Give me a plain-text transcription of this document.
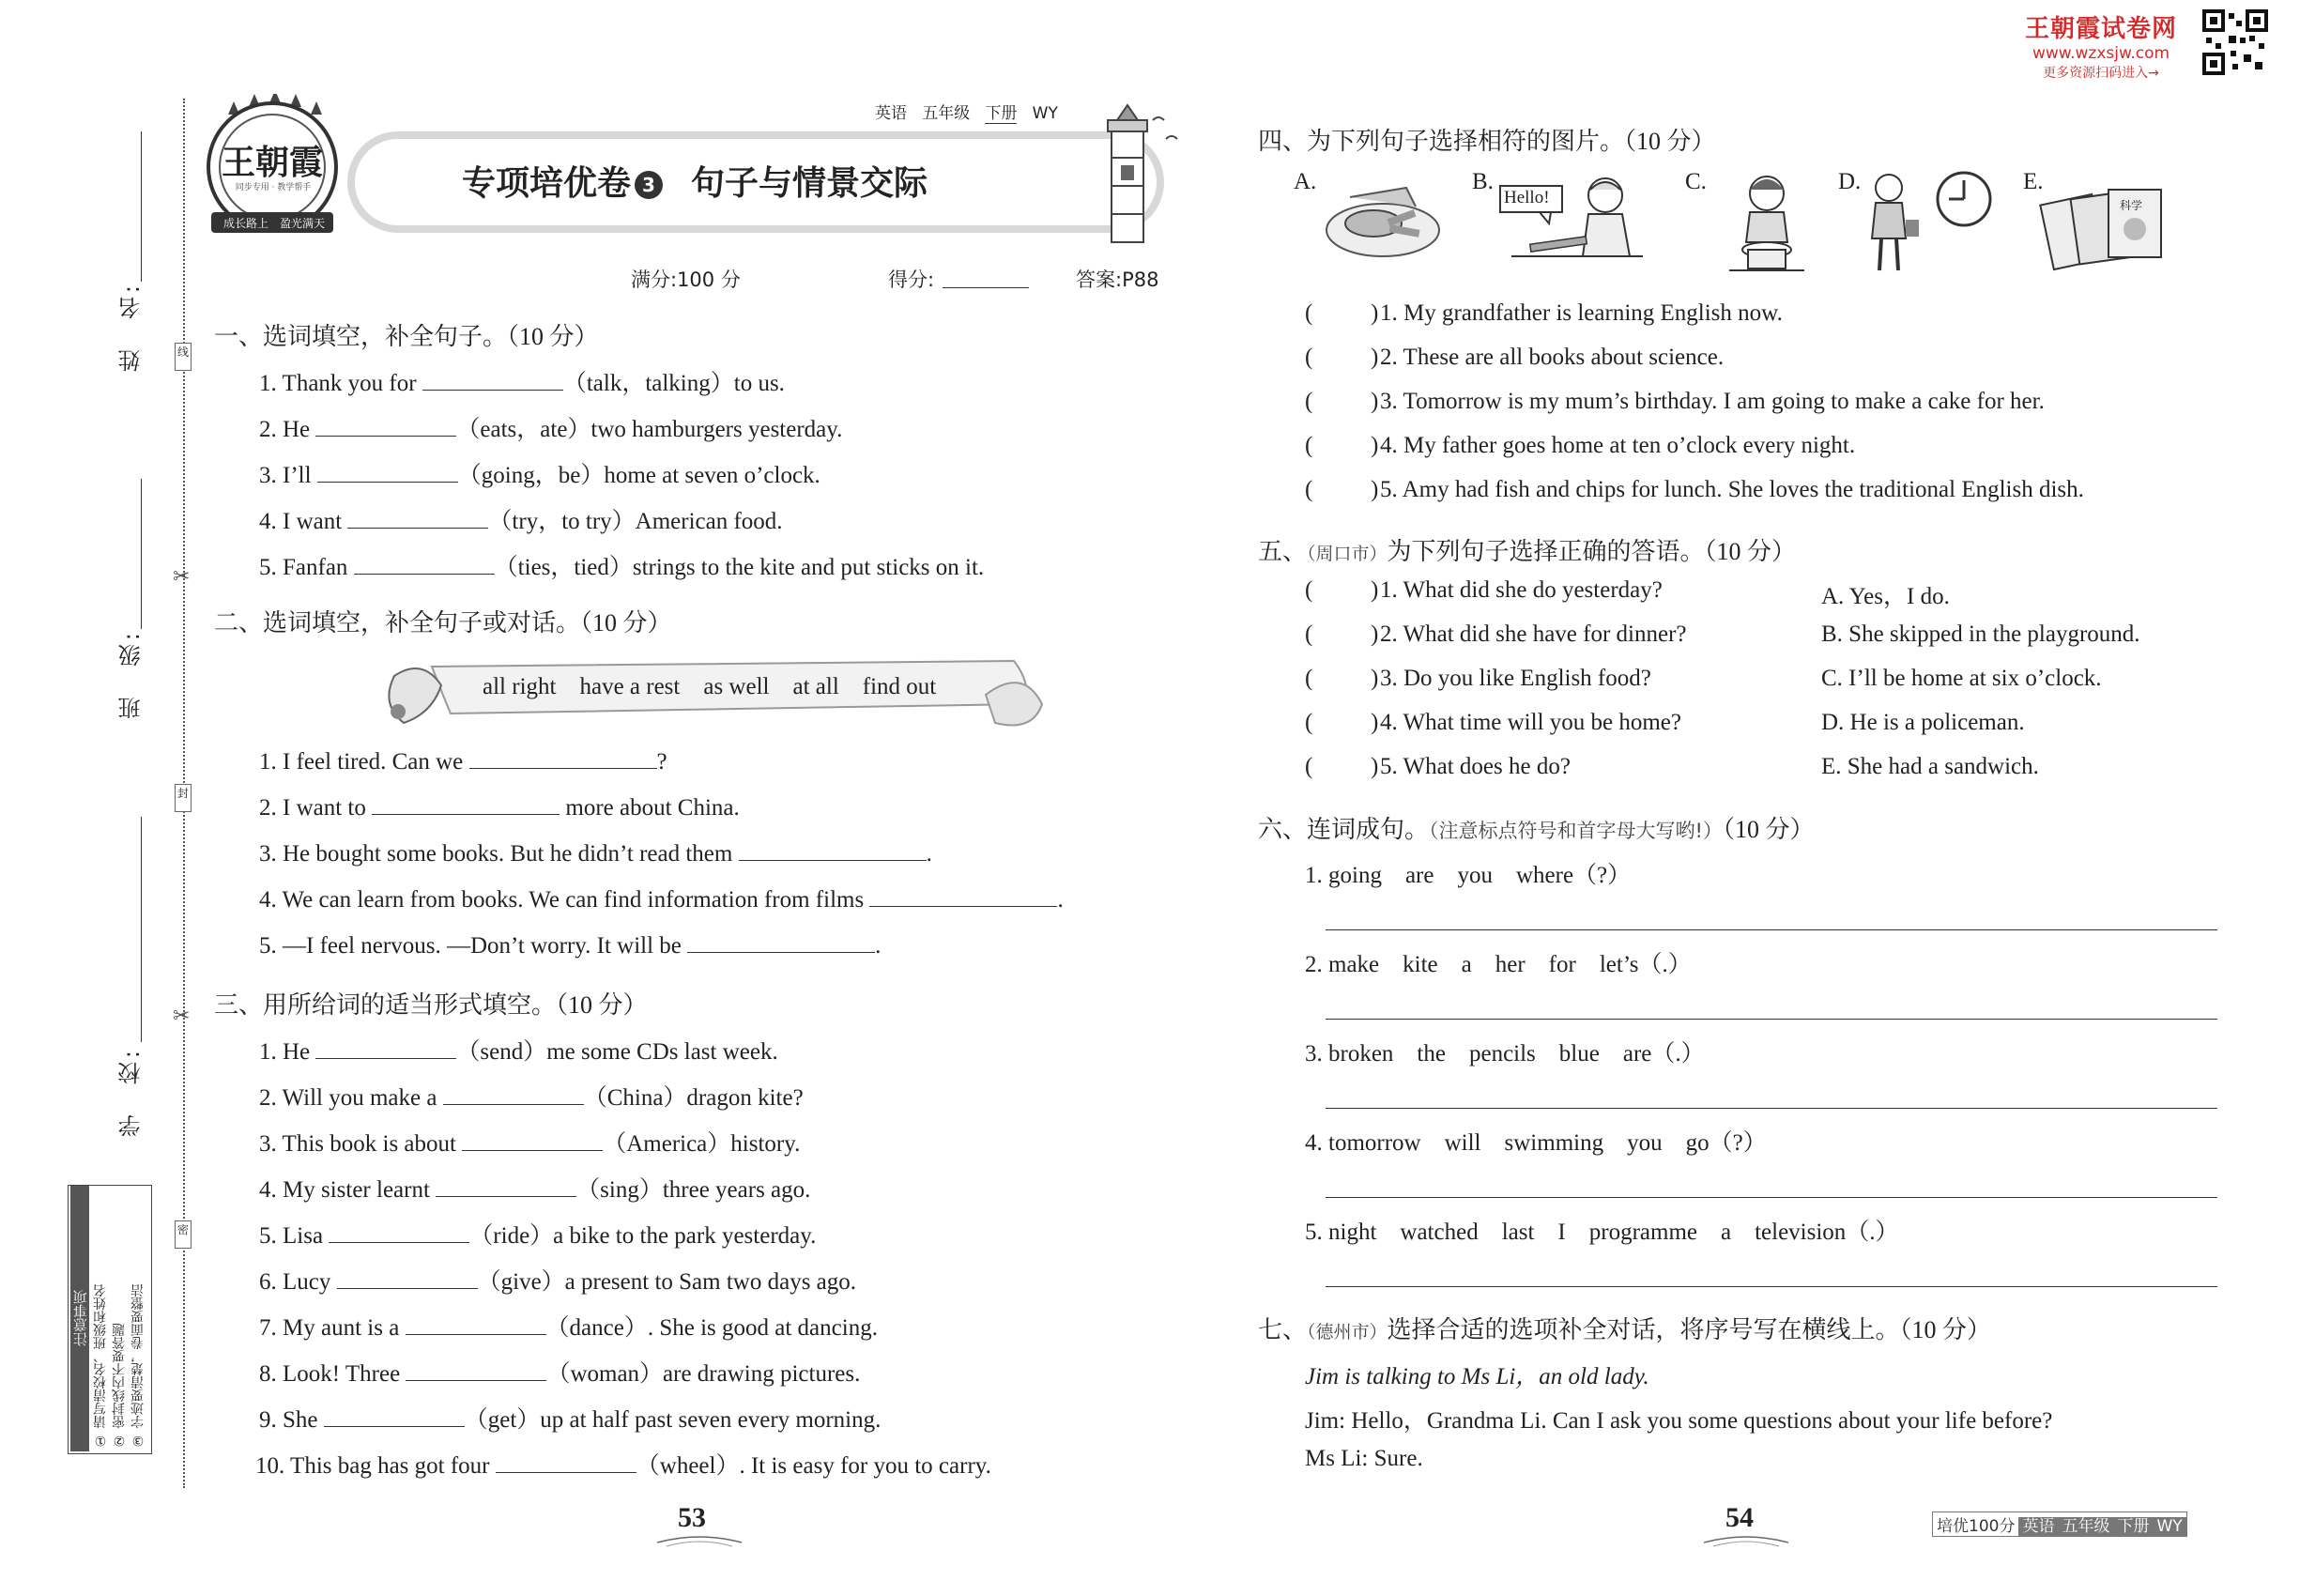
王朝霞试卷网
www.wzxsjw.com
更多资源扫码进入→
线
封
密
✂
✂
姓　名:
班　级:
学　校:
注意事项 ① 请写清校名、班级和姓名 ② 密封线内不要答题 ③ 字迹要清楚，卷面要整洁
王朝霞
同步专用 · 教学帮手
成长路上　 盈光满天
英语 五年级 下册 WY
专项培优卷 3 句子与情景交际
满分:100 分	得分:	答案:P88
一、选词填空，补全句子。（10 分）
1. Thank you for	（talk，talking）to us.
2. He	（eats，ate）two hamburgers yesterday.
3. I’ll	（going，be）home at seven o’clock.
4. I want	（try，to try）American food.
5. Fanfan	（ties，tied）strings to the kite and put sticks on it.
二、选词填空，补全句子或对话。（10 分）
all right have a rest as well at all find out
1. I feel tired. Can we	?
2. I want to	more about China.
3. He bought some books. But he didn’t read them	.
4. We can learn from books. We can find information from films	.
5. —I feel nervous. —Don’t worry. It will be	.
三、用所给词的适当形式填空。（10 分）
1. He	（send）me some CDs last week.
2. Will you make a	（China）dragon kite?
3. This book is about	（America）history.
4. My sister learnt	（sing）three years ago.
5. Lisa	（ride）a bike to the park yesterday.
6. Lucy	（give）a present to Sam two days ago.
7. My aunt is a	（dance）. She is good at dancing.
8. Look! Three	（woman）are drawing pictures.
9. She	（get）up at half past seven every morning.
10. This bag has got four	（wheel）. It is easy for you to carry.
53
四、为下列句子选择相符的图片。（10 分）
A.	B.	C.	D.	E.
Hello!	科学
( ) 1. My grandfather is learning English now.
( ) 2. These are all books about science.
( ) 3. Tomorrow is my mum’s birthday. I am going to make a cake for her.
( ) 4. My father goes home at ten o’clock every night.
( ) 5. Amy had fish and chips for lunch. She loves the traditional English dish.
五、（周口市）为下列句子选择正确的答语。（10 分）
( ) 1. What did she do yesterday?	A. Yes，I do.
( ) 2. What did she have for dinner?	B. She skipped in the playground.
( ) 3. Do you like English food?	C. I’ll be home at six o’clock.
( ) 4. What time will you be home?	D. He is a policeman.
( ) 5. What does he do?	E. She had a sandwich.
六、连词成句。（注意标点符号和首字母大写哟!）（10 分）
1. going are you where（?）
2. make kite a her for let’s（.）
3. broken the pencils blue are（.）
4. tomorrow will swimming you go（?）
5. night watched last I programme a television（.）
七、（德州市）选择合适的选项补全对话，将序号写在横线上。（10 分）
Jim is talking to Ms Li，an old lady.
Jim: Hello，Grandma Li. Can I ask you some questions about your life before?
Ms Li: Sure.
54	培优100分 英语 五年级 下册 WY
